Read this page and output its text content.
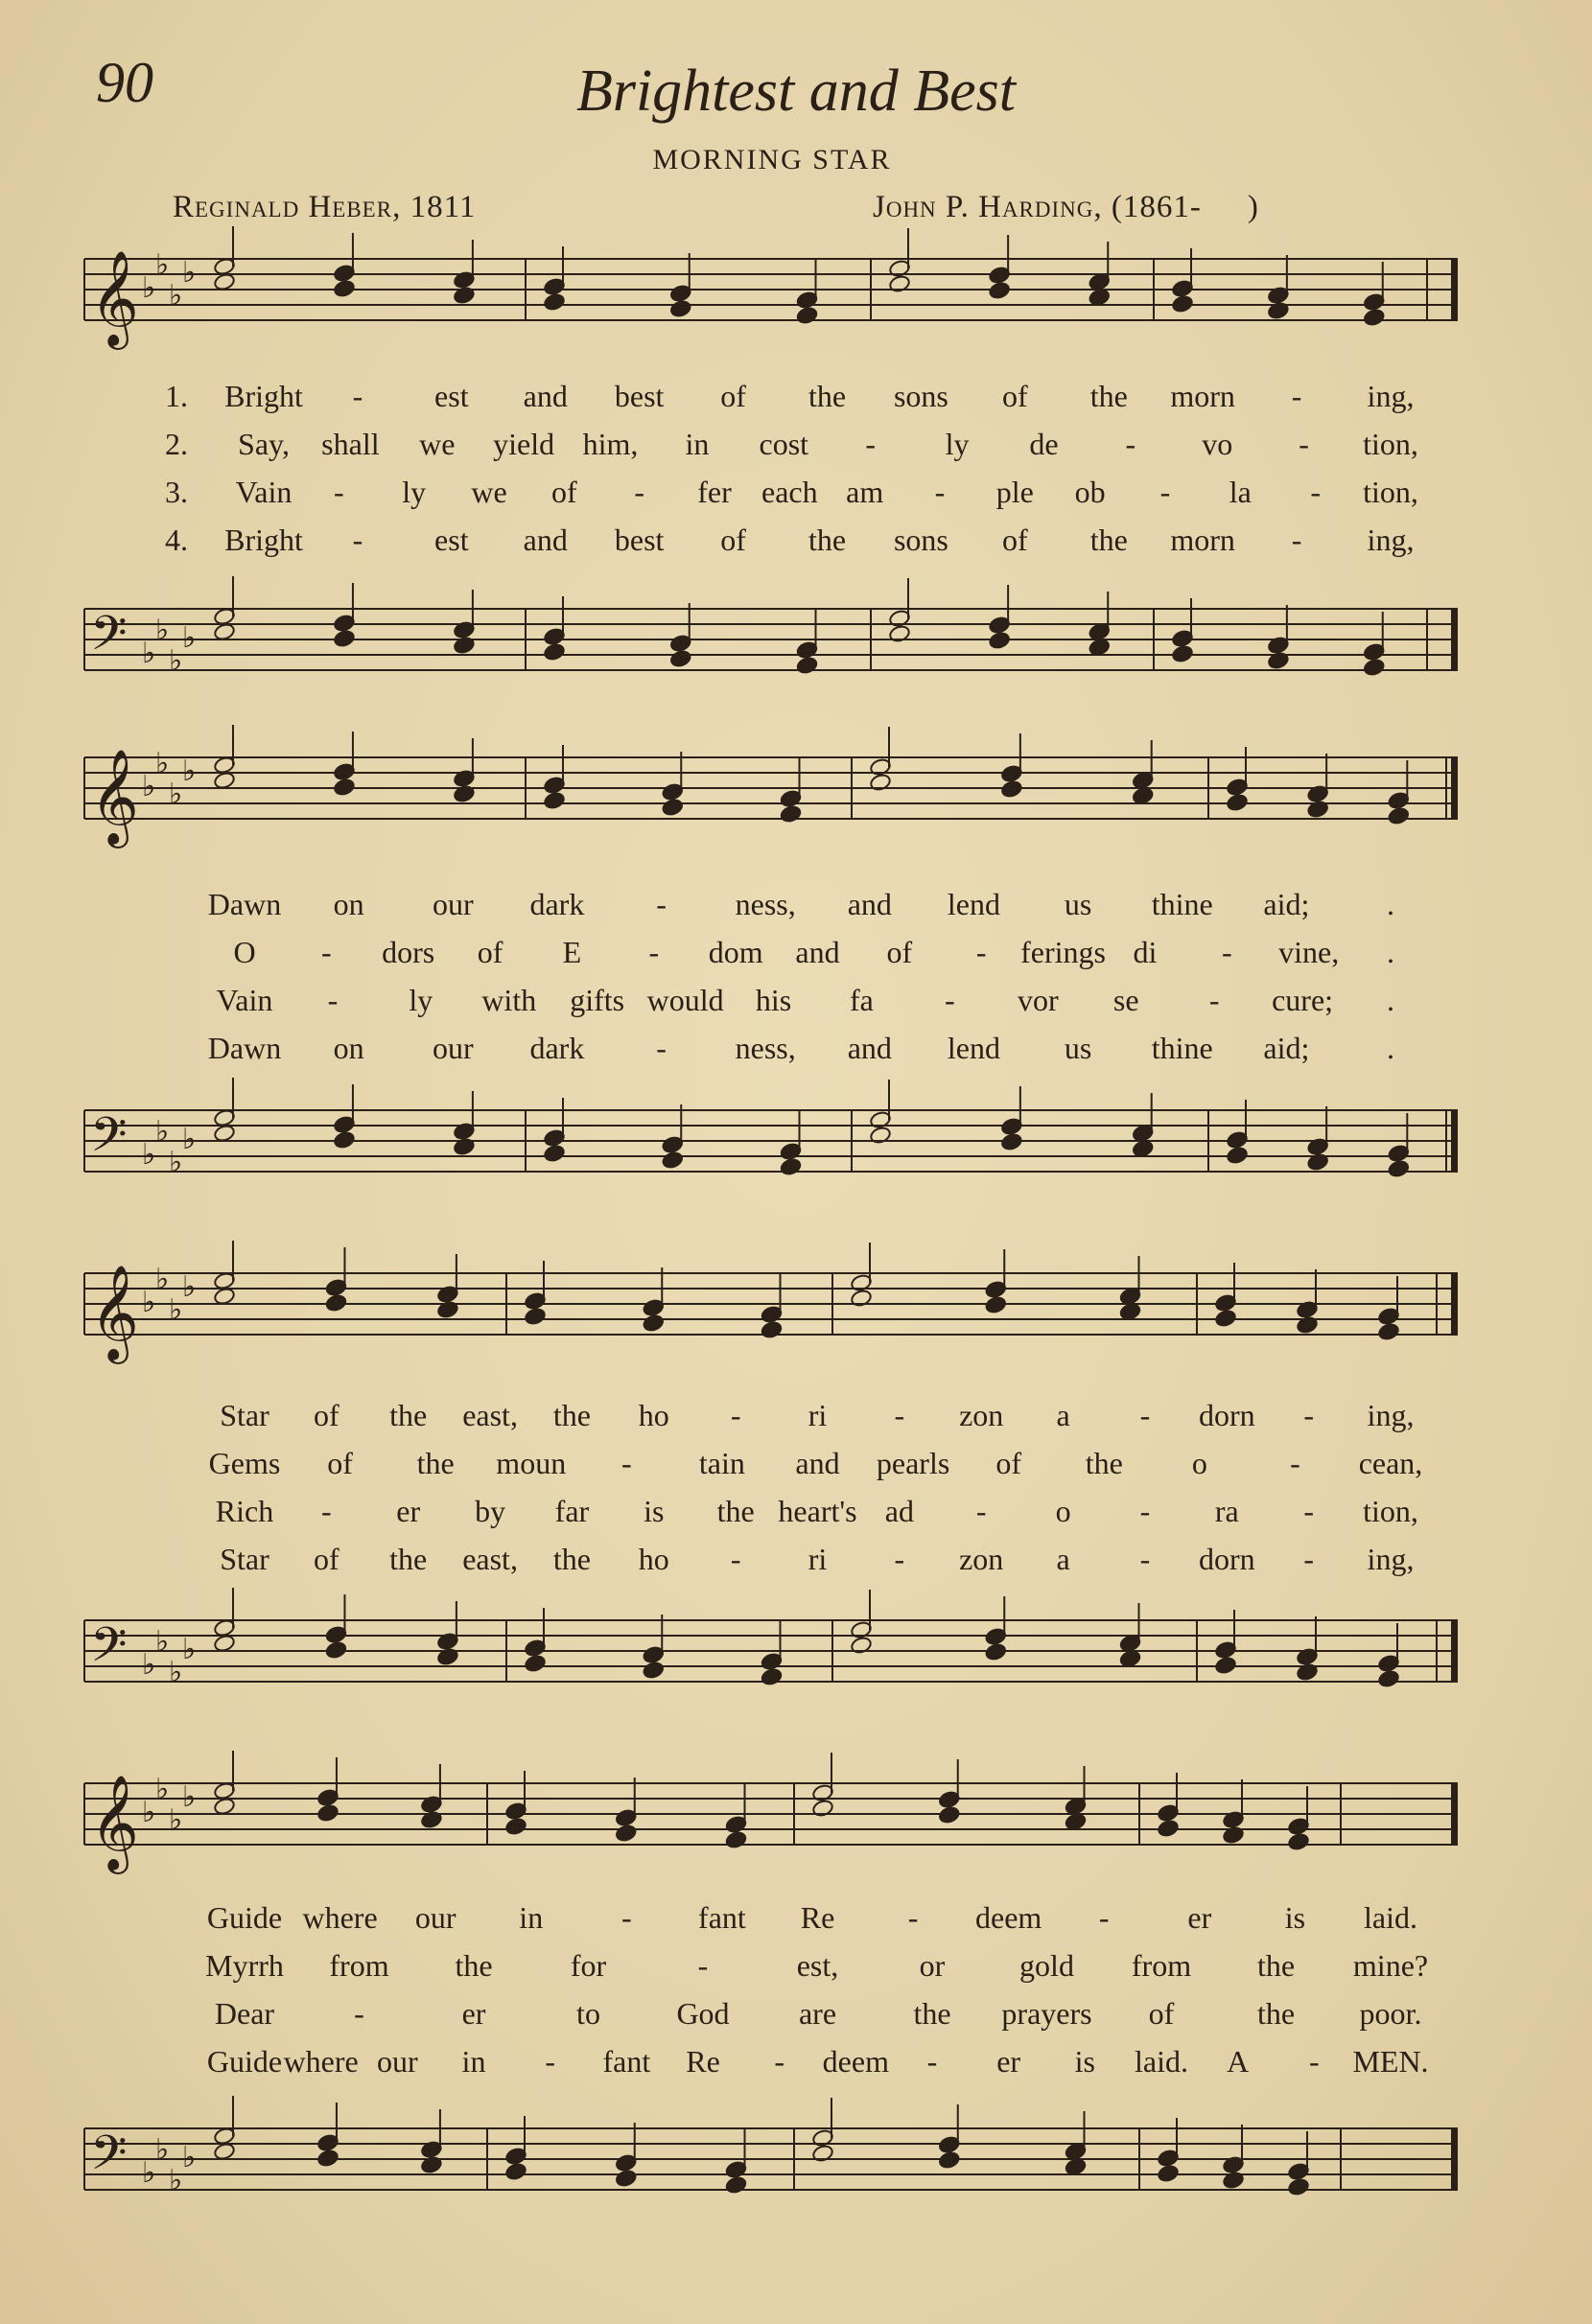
90	Brightest and Best
MORNING STAR
Reginald Heber, 1811	John P. Harding, (1861- )
𝄞 ♭
♭
♭
♭
𝄢 ♭
♭
♭
♭
1. Bright - est and best of the sons of the morn - ing,
2. Say, shall we yield him, in cost - ly de - vo - tion,
3. Vain - ly we of - fer each am - ple ob - la - tion,
4. Bright - est and best of the sons of the morn - ing,
𝄞 ♭
♭
♭
♭
𝄢 ♭
♭
♭
♭
Dawn on our dark - ness, and lend us thine aid;	.
O - dors of E - dom and of - ferings di - vine, .
Vain - ly with gifts would his fa - vor se - cure; .
Dawn on our dark - ness, and lend us thine aid;	.
𝄞 ♭
♭
♭
♭
𝄢 ♭
♭
♭
♭
Star of the east, the ho - ri - zon a - dorn - ing,
Gems of the moun - tain and pearls of the o	- cean,
Rich - er by far is the heart's ad - o - ra - tion,
Star of the east, the ho - ri - zon a - dorn - ing,
𝄞 ♭
♭
♭
♭
𝄢 ♭
♭
♭
♭
Guide where our in	- fant Re - deem -	er is laid.
Myrrh from the	for	-	est,	or gold from the mine?
Dear	-	er	to God are	the prayers of	the poor.
Guide where our in - fant Re - deem - er is laid. A - MEN.
